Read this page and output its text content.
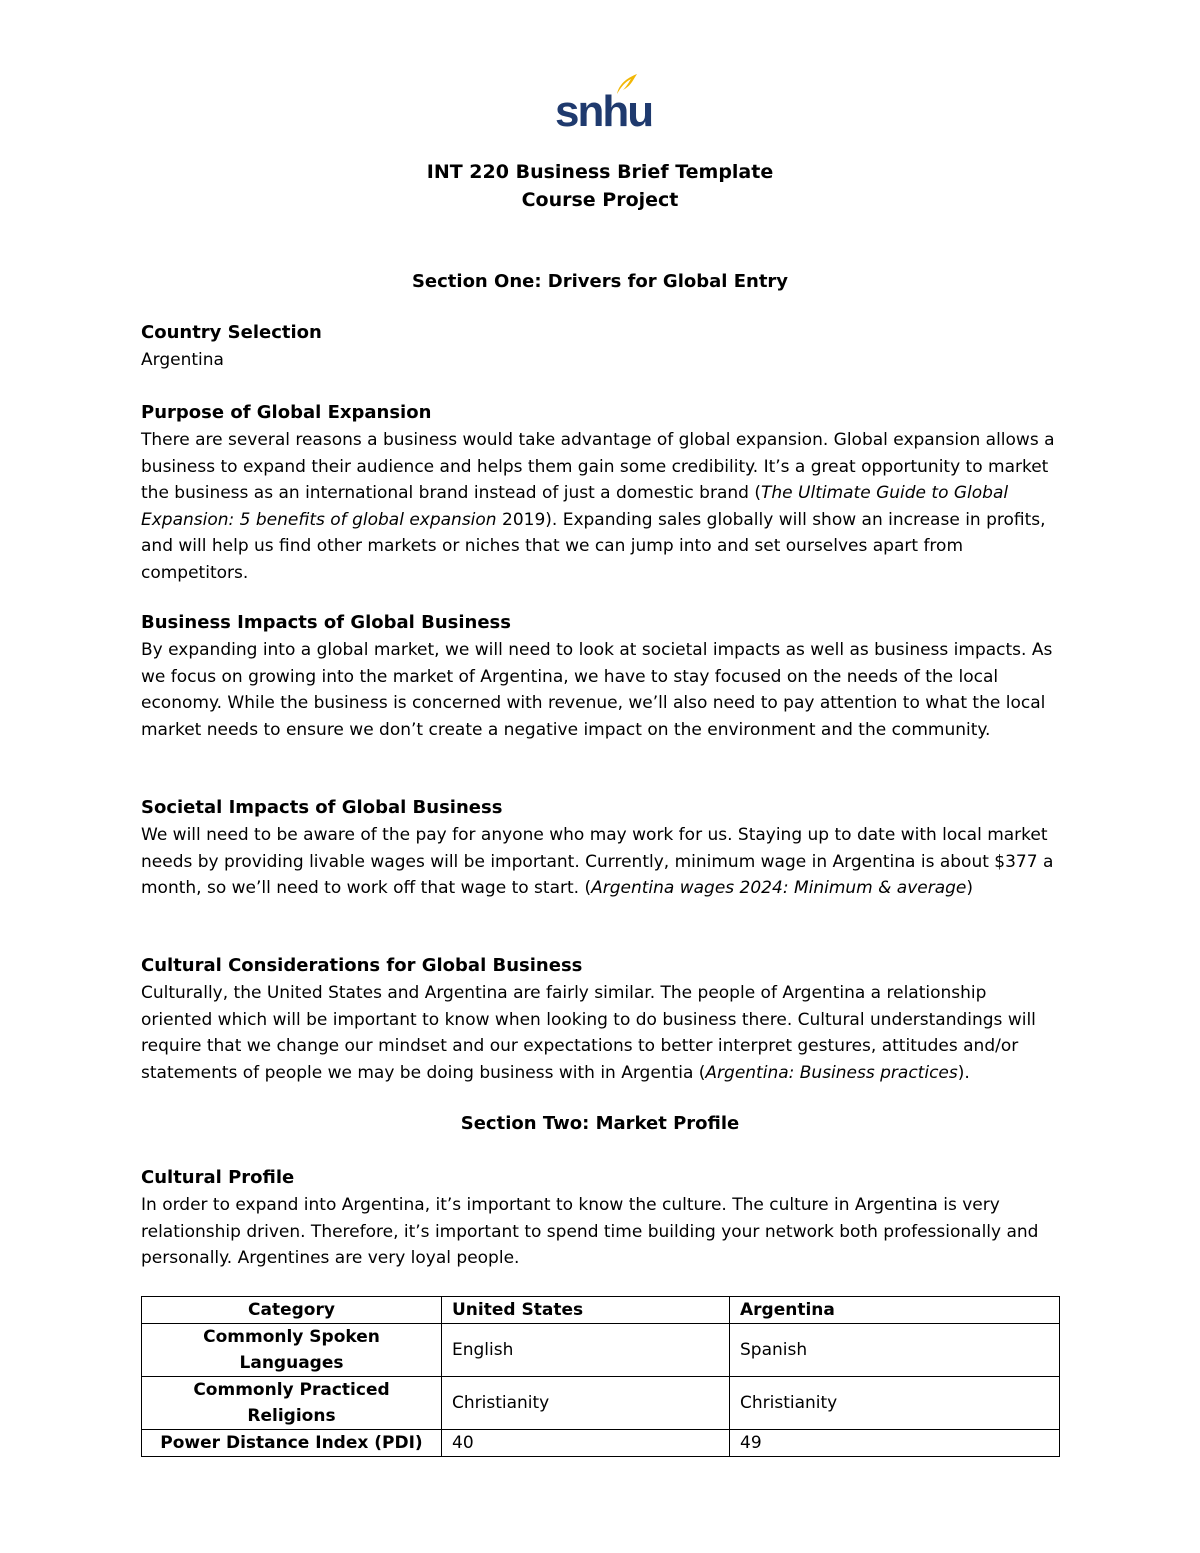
snhu
INT 220 Business Brief Template
Course Project
Section One: Drivers for Global Entry
Country Selection

Argentina

Purpose of Global Expansion

There are several reasons a business would take advantage of global expansion. Global expansion allows a business to expand their audience and helps them gain some credibility. It’s a great opportunity to market the business as an international brand instead of just a domestic brand (The Ultimate Guide to Global Expansion: 5 benefits of global expansion 2019). Expanding sales globally will show an increase in profits, and will help us find other markets or niches that we can jump into and set ourselves apart from competitors.

Business Impacts of Global Business

By expanding into a global market, we will need to look at societal impacts as well as business impacts. As we focus on growing into the market of Argentina, we have to stay focused on the needs of the local economy. While the business is concerned with revenue, we’ll also need to pay attention to what the local market needs to ensure we don’t create a negative impact on the environment and the community.

Societal Impacts of Global Business

We will need to be aware of the pay for anyone who may work for us. Staying up to date with local market needs by providing livable wages will be important. Currently, minimum wage in Argentina is about $377 a month, so we’ll need to work off that wage to start. (Argentina wages 2024: Minimum & average)

Cultural Considerations for Global Business

Culturally, the United States and Argentina are fairly similar. The people of Argentina a relationship oriented which will be important to know when looking to do business there. Cultural understandings will require that we change our mindset and our expectations to better interpret gestures, attitudes and/or statements of people we may be doing business with in Argentia (Argentina: Business practices).

Section Two: Market Profile
Cultural Profile

In order to expand into Argentina, it’s important to know the culture. The culture in Argentina is very relationship driven. Therefore, it’s important to spend time building your network both professionally and personally. Argentines are very loyal people.

Category	United States	Argentina
Commonly Spoken Languages	English	Spanish
Commonly Practiced Religions	Christianity	Christianity
Power Distance Index (PDI)	40	49
